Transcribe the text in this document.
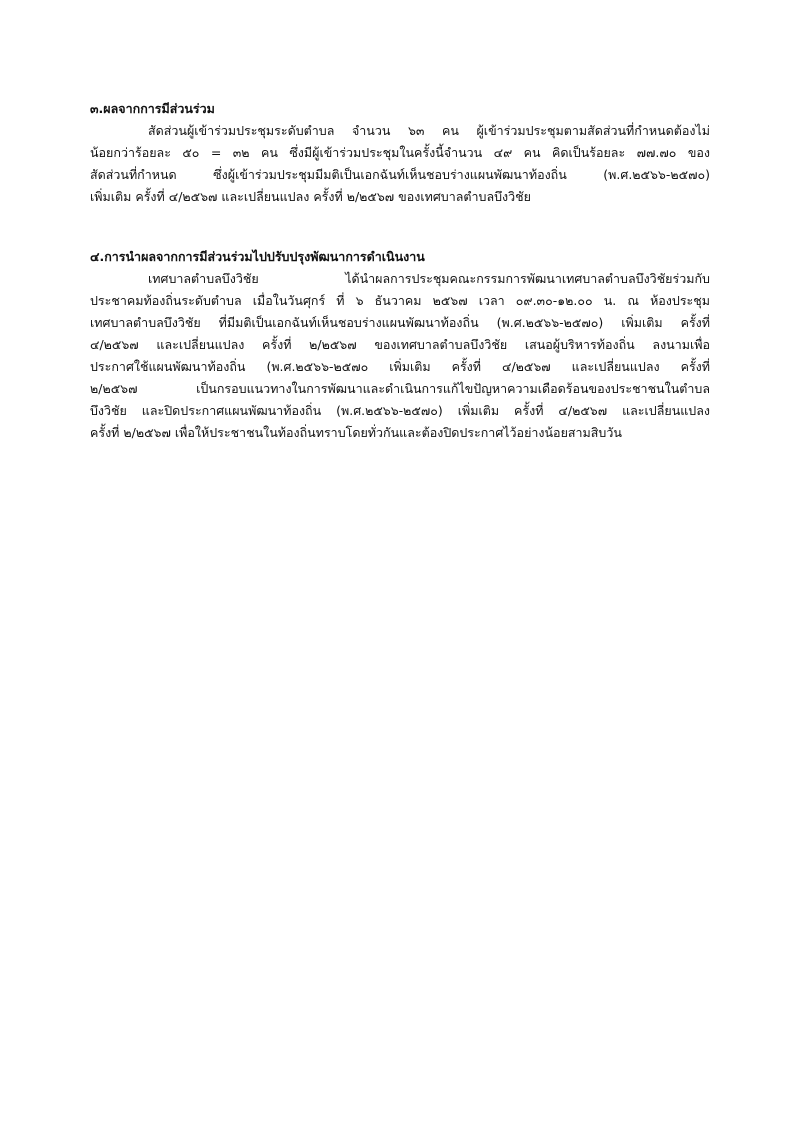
๓.ผลจากการมีส่วนร่วม
สัดส่วนผู้เข้าร่วมประชุมระดับตำบล จำนวน ๖๓ คน ผู้เข้าร่วมประชุมตามสัดส่วนที่กำหนดต้องไม่
น้อยกว่าร้อยละ ๕๐ = ๓๒ คน ซึ่งมีผู้เข้าร่วมประชุมในครั้งนี้จำนวน ๔๙ คน คิดเป็นร้อยละ ๗๗.๗๐ ของ
สัดส่วนที่กำหนด ซึ่งผู้เข้าร่วมประชุมมีมติเป็นเอกฉันท์เห็นชอบร่างแผนพัฒนาท้องถิ่น (พ.ศ.๒๕๖๖-๒๕๗๐)
เพิ่มเติม ครั้งที่ ๔/๒๕๖๗ และเปลี่ยนแปลง ครั้งที่ ๒/๒๕๖๗ ของเทศบาลตำบลบึงวิชัย
๔.การนำผลจากการมีส่วนร่วมไปปรับปรุงพัฒนาการดำเนินงาน
เทศบาลตำบลบึงวิชัย ได้นำผลการประชุมคณะกรรมการพัฒนาเทศบาลตำบลบึงวิชัยร่วมกับ
ประชาคมท้องถิ่นระดับตำบล เมื่อในวันศุกร์ ที่ ๖ ธันวาคม ๒๕๖๗ เวลา ๐๙.๓๐-๑๒.๐๐ น. ณ ห้องประชุม
เทศบาลตำบลบึงวิชัย ที่มีมติเป็นเอกฉันท์เห็นชอบร่างแผนพัฒนาท้องถิ่น (พ.ศ.๒๕๖๖-๒๕๗๐) เพิ่มเติม ครั้งที่
๔/๒๕๖๗ และเปลี่ยนแปลง ครั้งที่ ๒/๒๕๖๗ ของเทศบาลตำบลบึงวิชัย เสนอผู้บริหารท้องถิ่น ลงนามเพื่อ
ประกาศใช้แผนพัฒนาท้องถิ่น (พ.ศ.๒๕๖๖-๒๕๗๐ เพิ่มเติม ครั้งที่ ๔/๒๕๖๗ และเปลี่ยนแปลง ครั้งที่
๒/๒๕๖๗ เป็นกรอบแนวทางในการพัฒนาและดำเนินการแก้ไขปัญหาความเดือดร้อนของประชาชนในตำบล
บึงวิชัย และปิดประกาศแผนพัฒนาท้องถิ่น (พ.ศ.๒๕๖๖-๒๕๗๐) เพิ่มเติม ครั้งที่ ๔/๒๕๖๗ และเปลี่ยนแปลง
ครั้งที่ ๒/๒๕๖๗ เพื่อให้ประชาชนในท้องถิ่นทราบโดยทั่วกันและต้องปิดประกาศไว้อย่างน้อยสามสิบวัน
